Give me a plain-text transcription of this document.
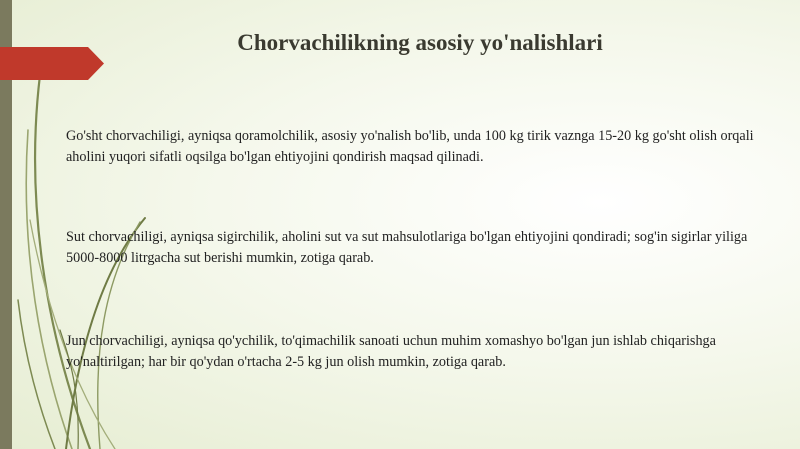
Chorvachilikning asosiy yo'nalishlari
Go'sht chorvachiligi, ayniqsa qoramolchilik, asosiy yo'nalish bo'lib, unda 100 kg tirik vaznga 15-20 kg go'sht olish orqali aholini yuqori sifatli oqsilga bo'lgan ehtiyojini qondirish maqsad qilinadi.
Sut chorvachiligi, ayniqsa sigirchilik, aholini sut va sut mahsulotlariga bo'lgan ehtiyojini qondiradi; sog'in sigirlar yiliga 5000-8000 litrgacha sut berishi mumkin, zotiga qarab.
Jun chorvachiligi, ayniqsa qo'ychilik, to'qimachilik sanoati uchun muhim xomashyo bo'lgan jun ishlab chiqarishga yo'naltirilgan; har bir qo'ydan o'rtacha 2-5 kg jun olish mumkin, zotiga qarab.
